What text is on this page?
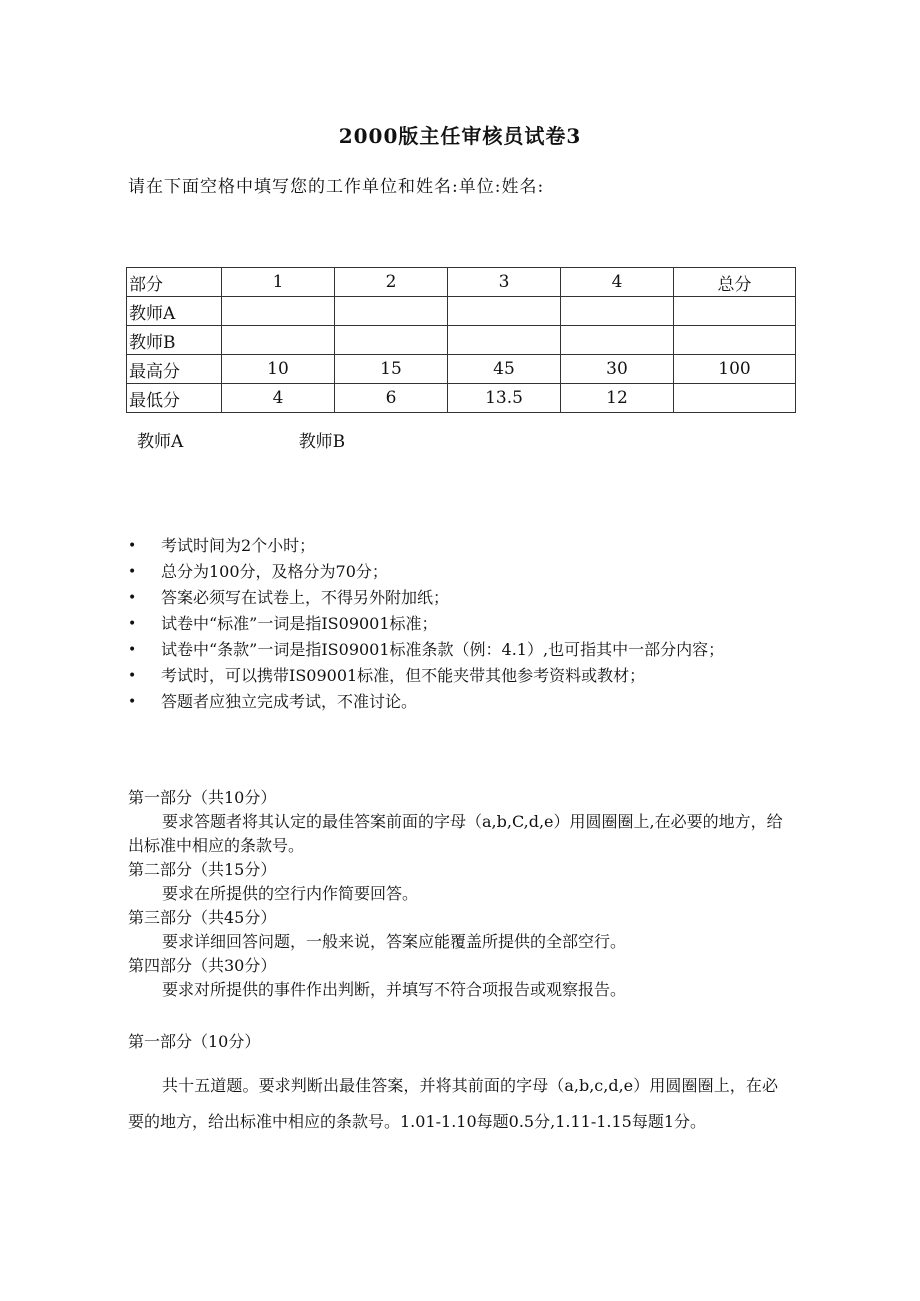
2000版主任审核员试卷3
请在下面空格中填写您的工作单位和姓名:单位:姓名:
部分	1	2	3	4	总分
教师A					
教师B					
最高分	10	15	45	30	100
最低分	4	6	13.5	12	
教师A	教师B
• 考试时间为2个小时；
• 总分为100分，及格分为70分；
• 答案必须写在试卷上，不得另外附加纸；
• 试卷中“标准”一词是指IS09001标准；
• 试卷中“条款”一词是指IS09001标准条款（例：4.1）,也可指其中一部分内容；
• 考试时，可以携带IS09001标准，但不能夹带其他参考资料或教材；
• 答题者应独立完成考试，不准讨论。
第一部分（共10分）
要求答题者将其认定的最佳答案前面的字母（a,b,C,d,e）用圆圈圈上,在必要的地方，给出标准中相应的条款号。
第二部分（共15分）
要求在所提供的空行内作简要回答。
第三部分（共45分）
要求详细回答问题，一般来说，答案应能覆盖所提供的全部空行。
第四部分（共30分）
要求对所提供的事件作出判断，并填写不符合项报告或观察报告。
第一部分（10分）
共十五道题。要求判断出最佳答案，并将其前面的字母（a,b,c,d,e）用圆圈圈上，在必要的地方，给出标准中相应的条款号。1.01-1.10每题0.5分,1.11-1.15每题1分。
